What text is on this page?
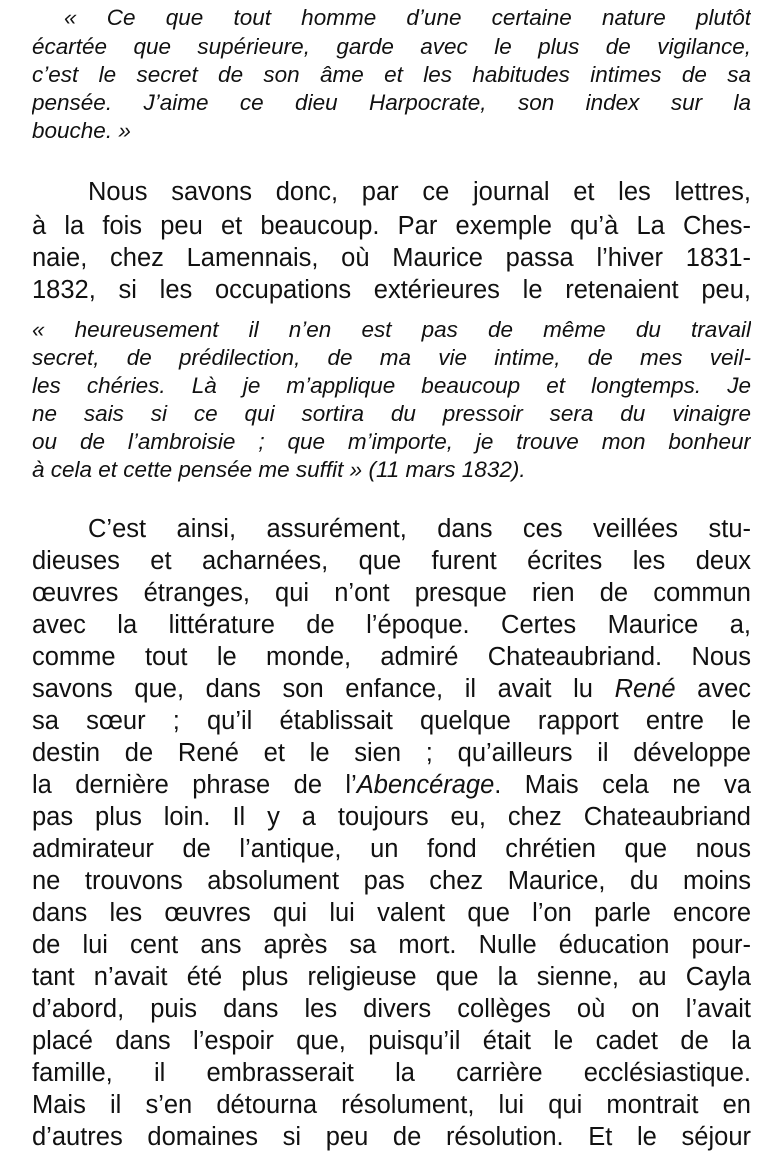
« Ce que tout homme d’une certaine nature plutôt
écartée que supérieure, garde avec le plus de vigilance,
c’est le secret de son âme et les habitudes intimes de sa
pensée. J’aime ce dieu Harpocrate, son index sur la
bouche. »
Nous savons donc, par ce journal et les lettres,
à la fois peu et beaucoup. Par exemple qu’à La Ches-
naie, chez Lamennais, où Maurice passa l’hiver 1831-
1832, si les occupations extérieures le retenaient peu,
« heureusement il n’en est pas de même du travail
secret, de prédilection, de ma vie intime, de mes veil-
les chéries. Là je m’applique beaucoup et longtemps. Je
ne sais si ce qui sortira du pressoir sera du vinaigre
ou de l’ambroisie ; que m’importe, je trouve mon bonheur
à cela et cette pensée me suffit » (11 mars 1832).
C’est ainsi, assurément, dans ces veillées stu-
dieuses et acharnées, que furent écrites les deux
œuvres étranges, qui n’ont presque rien de commun
avec la littérature de l’époque. Certes Maurice a,
comme tout le monde, admiré Chateaubriand. Nous
savons que, dans son enfance, il avait lu René avec
sa sœur ; qu’il établissait quelque rapport entre le
destin de René et le sien ; qu’ailleurs il développe
la dernière phrase de l’Abencérage. Mais cela ne va
pas plus loin. Il y a toujours eu, chez Chateaubriand
admirateur de l’antique, un fond chrétien que nous
ne trouvons absolument pas chez Maurice, du moins
dans les œuvres qui lui valent que l’on parle encore
de lui cent ans après sa mort. Nulle éducation pour-
tant n’avait été plus religieuse que la sienne, au Cayla
d’abord, puis dans les divers collèges où on l’avait
placé dans l’espoir que, puisqu’il était le cadet de la
famille, il embrasserait la carrière ecclésiastique.
Mais il s’en détourna résolument, lui qui montrait en
d’autres domaines si peu de résolution. Et le séjour
